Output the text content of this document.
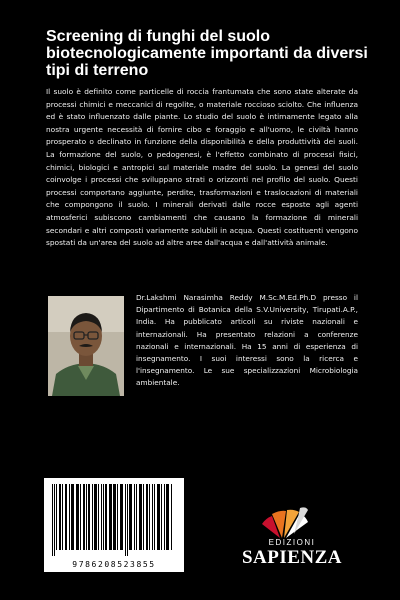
Screening di funghi del suolo biotecnologicamente importanti da diversi tipi di terreno

Il suolo è definito come particelle di roccia frantumata che sono state alterate da processi chimici e meccanici di regolite, o materiale roccioso sciolto. Che influenza ed è stato influenzato dalle piante. Lo studio del suolo è intimamente legato alla nostra urgente necessità di fornire cibo e foraggio e all'uomo, le civiltà hanno prosperato o declinato in funzione della disponibilità e della produttività dei suoli. La formazione del suolo, o pedogenesi, è l'effetto combinato di processi fisici, chimici, biologici e antropici sul materiale madre del suolo. La genesi del suolo coinvolge i processi che sviluppano strati o orizzonti nel profilo del suolo. Questi processi comportano aggiunte, perdite, trasformazioni e traslocazioni di materiali che compongono il suolo. I minerali derivati dalle rocce esposte agli agenti atmosferici subiscono cambiamenti che causano la formazione di minerali secondari e altri composti variamente solubili in acqua. Questi costituenti vengono spostati da un'area del suolo ad altre aree dall'acqua e dall'attività animale.

Dr.Lakshmi Narasimha Reddy M.Sc.M.Ed.Ph.D presso il Dipartimento di Botanica della S.V.University, Tirupati.A.P., India. Ha pubblicato articoli su riviste nazionali e internazionali. Ha presentato relazioni a conferenze nazionali e internazionali. Ha 15 anni di esperienza di insegnamento. I suoi interessi sono la ricerca e l'insegnamento. Le sue specializzazioni Microbiologia ambientale.

9786208523855
EDIZIONI
SAPIENZA
